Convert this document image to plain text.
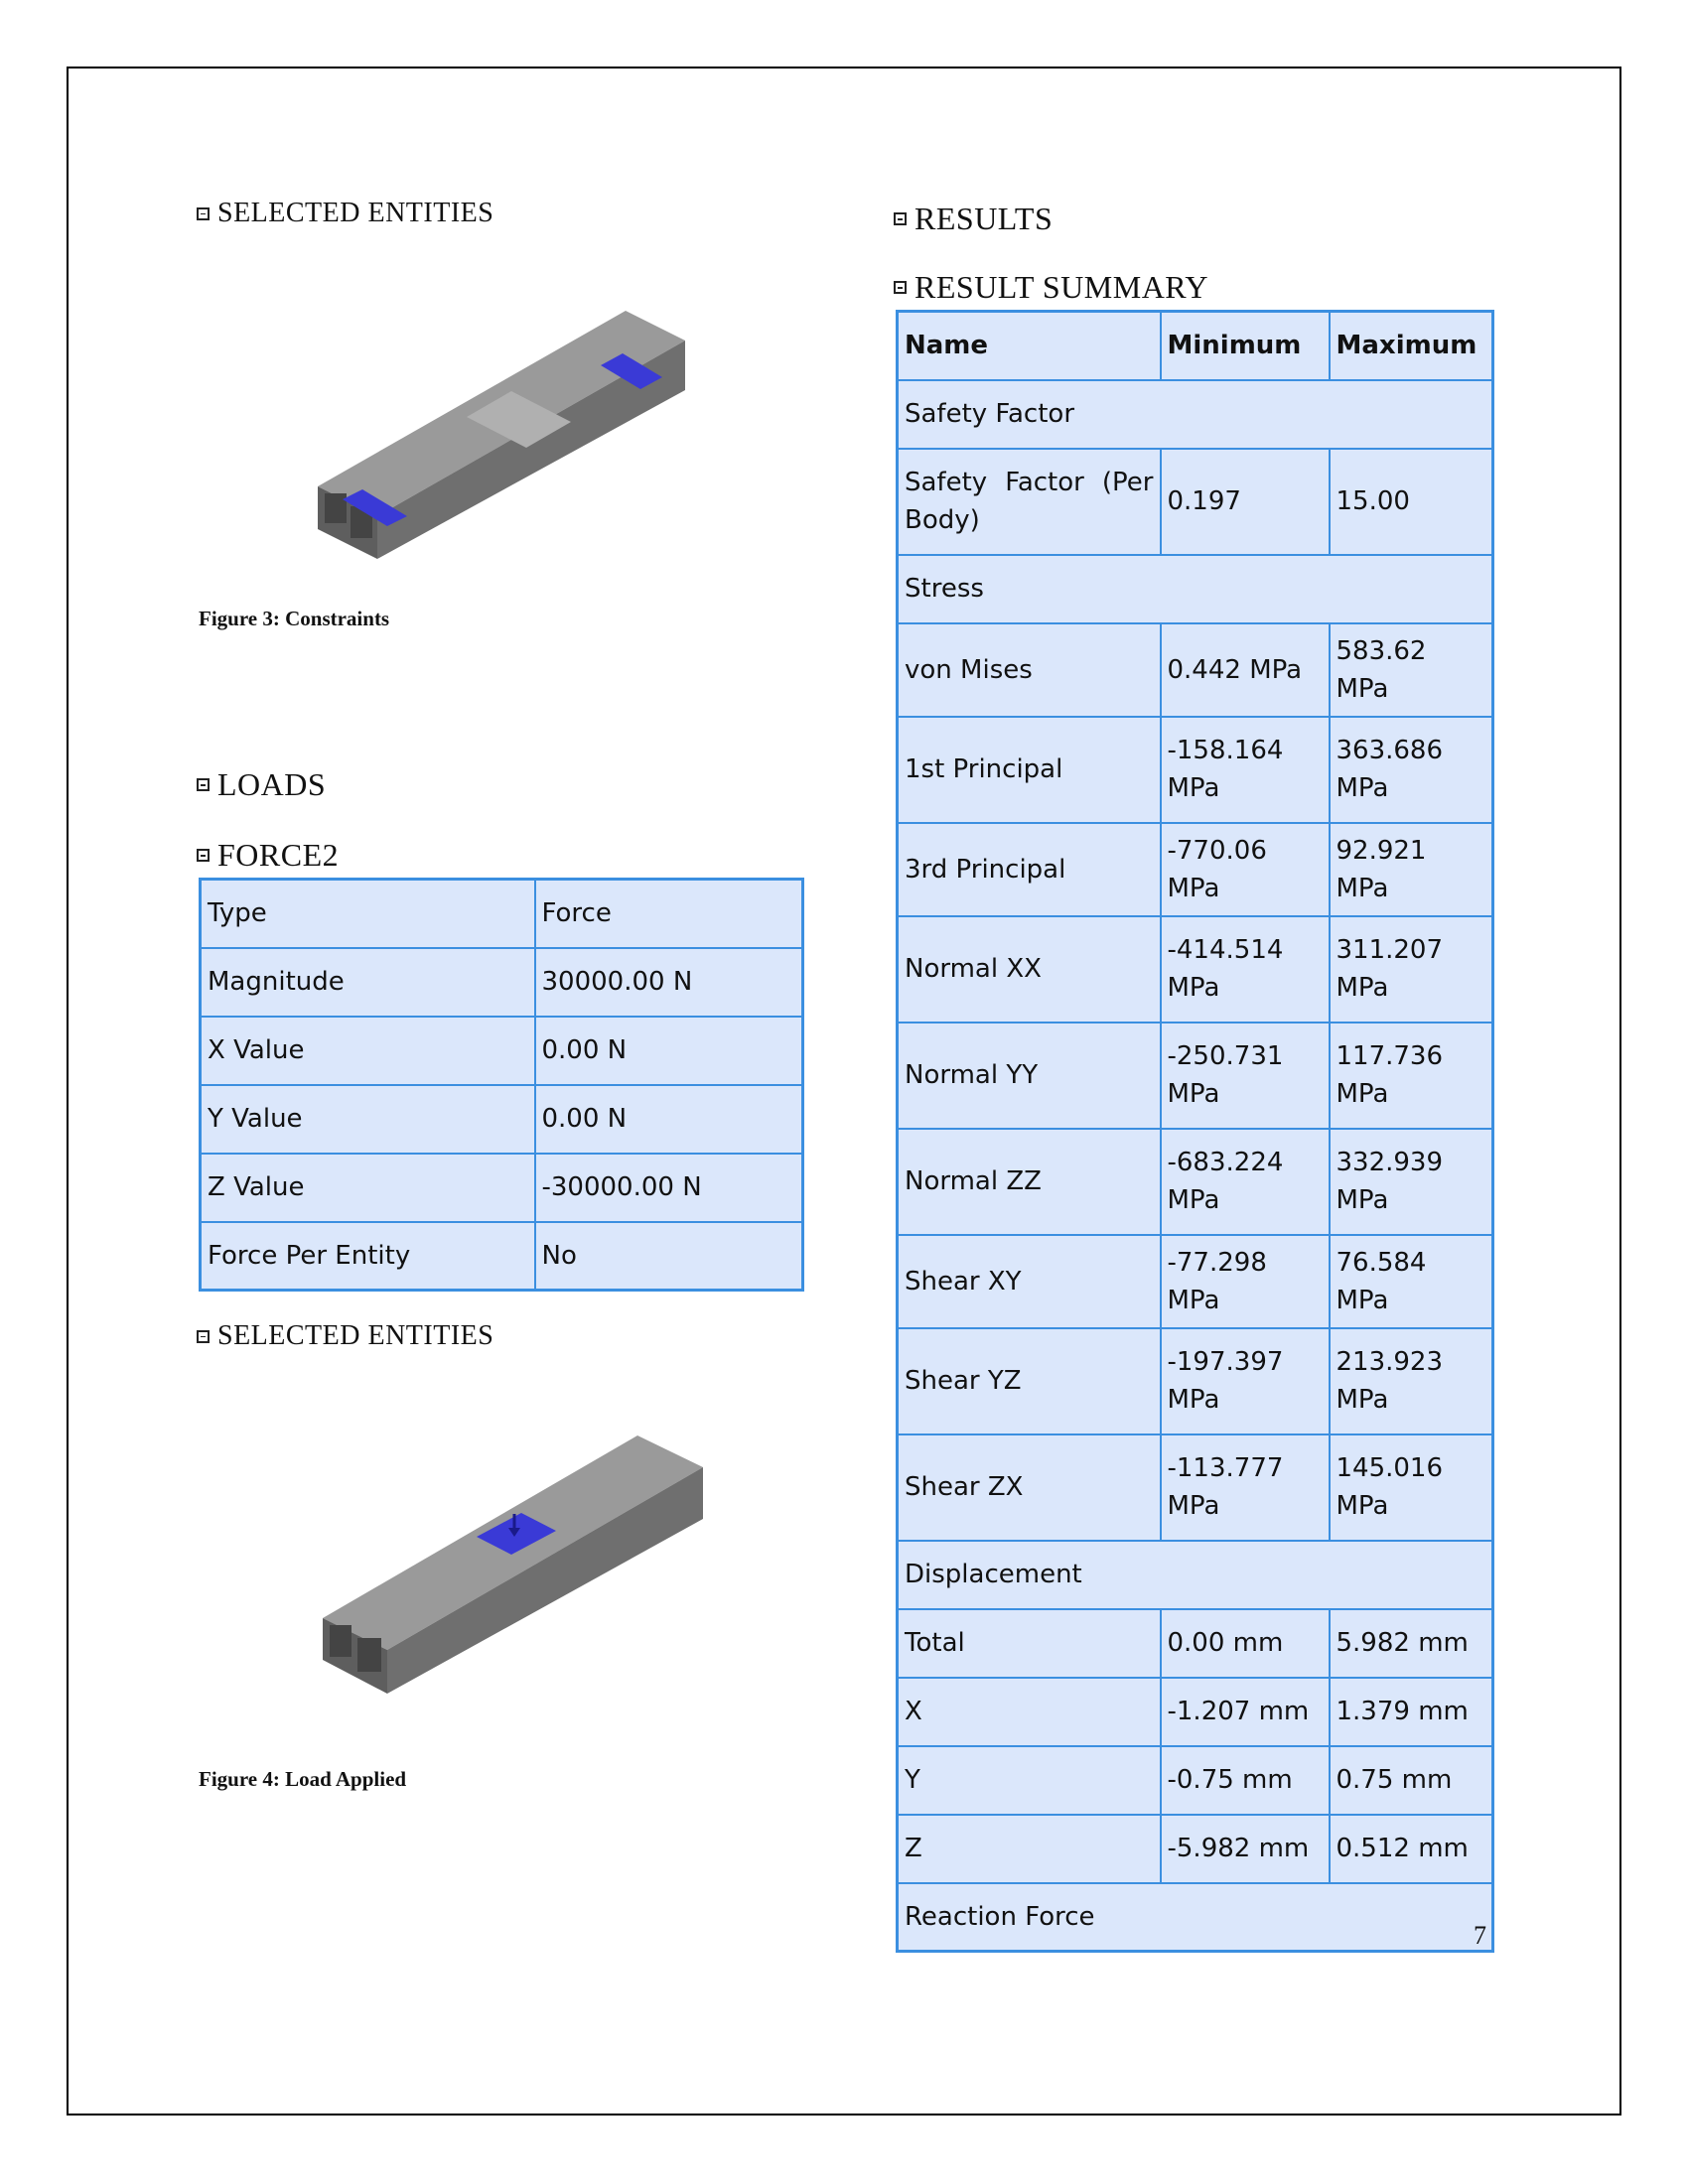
SELECTED ENTITIES
Figure 3: Constraints
LOADS
FORCE2
Type	Force
Magnitude	30000.00 N
X Value	0.00 N
Y Value	0.00 N
Z Value	-30000.00 N
Force Per Entity	No
SELECTED ENTITIES
Figure 4: Load Applied
RESULTS
RESULT SUMMARY
Name	Minimum	Maximum
Safety Factor		
Safety Factor (Per Body)	0.197	15.00
Stress		
von Mises	0.442 MPa	583.62 MPa
1st Principal	-158.164 MPa	363.686 MPa
3rd Principal	-770.06 MPa	92.921 MPa
Normal XX	-414.514 MPa	311.207 MPa
Normal YY	-250.731 MPa	117.736 MPa
Normal ZZ	-683.224 MPa	332.939 MPa
Shear XY	-77.298 MPa	76.584 MPa
Shear YZ	-197.397 MPa	213.923 MPa
Shear ZX	-113.777 MPa	145.016 MPa
Displacement		
Total	0.00 mm	5.982 mm
X	-1.207 mm	1.379 mm
Y	-0.75 mm	0.75 mm
Z	-5.982 mm	0.512 mm
Reaction Force		
7
